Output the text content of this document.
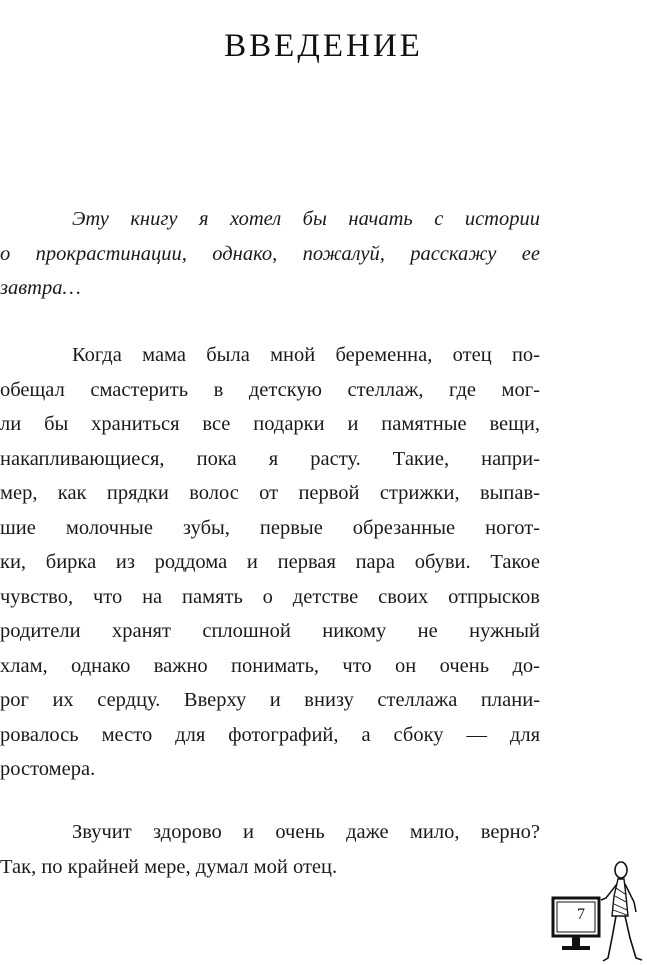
ВВЕДЕНИЕ

Эту книгу я хотел бы начать с истории
о прокрастинации, однако, пожалуй, расскажу ее
завтра…

Когда мама была мной беременна, отец по-
обещал смастерить в детскую стеллаж, где мог-
ли бы храниться все подарки и памятные вещи,
накапливающиеся, пока я расту. Такие, напри-
мер, как прядки волос от первой стрижки, выпав-
шие молочные зубы, первые обрезанные ногот-
ки, бирка из роддома и первая пара обуви. Такое
чувство, что на память о детстве своих отпрысков
родители хранят сплошной никому не нужный
хлам, однако важно понимать, что он очень до-
рог их сердцу. Вверху и внизу стеллажа плани-
ровалось место для фотографий, а сбоку — для
ростомера.

Звучит здорово и очень даже мило, верно?
Так, по крайней мере, думал мой отец.

7
